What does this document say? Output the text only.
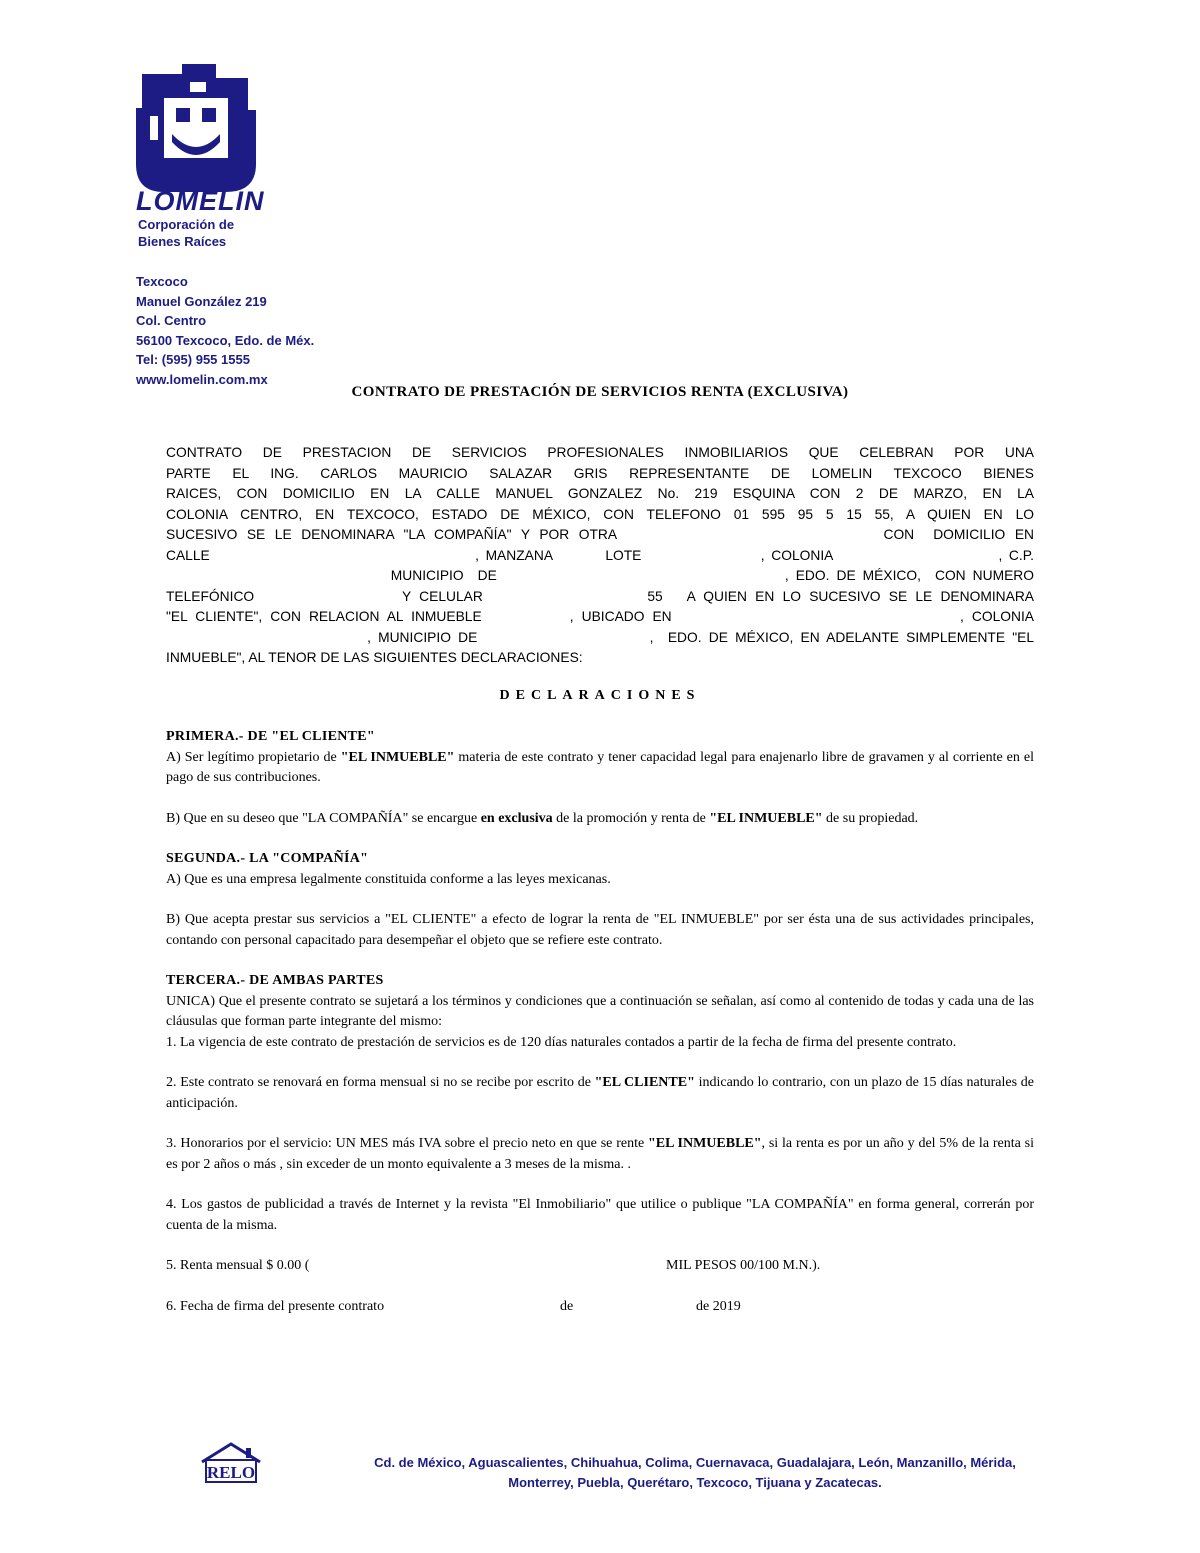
LOMELIN
Corporación de
Bienes Raíces
Texcoco
Manuel González 219
Col. Centro
56100 Texcoco, Edo. de Méx.
Tel: (595) 955 1555
www.lomelin.com.mx
CONTRATO DE PRESTACIÓN DE SERVICIOS RENTA (EXCLUSIVA)
CONTRATO DE PRESTACION DE SERVICIOS PROFESIONALES INMOBILIARIOS QUE CELEBRAN POR UNA
PARTE EL ING. CARLOS MAURICIO SALAZAR GRIS REPRESENTANTE DE LOMELIN TEXCOCO BIENES
RAICES, CON DOMICILIO EN LA CALLE MANUEL GONZALEZ No. 219 ESQUINA CON 2 DE MARZO, EN LA
COLONIA CENTRO, EN TEXCOCO, ESTADO DE MÉXICO, CON TELEFONO 01 595 95 5 15 55, A QUIEN EN LO
SUCESIVO SE LE DENOMINARA "LA COMPAÑÍA" Y POR OTRA                            CON  DOMICILIO EN
CALLE                                        , MANZANA        LOTE                  , COLONIA                         , C.P.
MUNICIPIO  DE                                         , EDO. DE MÉXICO,  CON NUMERO
TELEFÓNICO                  Y CELULAR                    55   A QUIEN EN LO SUCESIVO SE LE DENOMINARA
"EL CLIENTE", CON RELACION AL INMUEBLE           , UBICADO EN                                    , COLONIA
, MUNICIPIO DE                        ,  EDO. DE MÉXICO, EN ADELANTE SIMPLEMENTE "EL
INMUEBLE", AL TENOR DE LAS SIGUIENTES DECLARACIONES:
DECLARACIONES
PRIMERA.- DE "EL CLIENTE"

A) Ser legítimo propietario de "EL INMUEBLE" materia de este contrato y tener capacidad legal para enajenarlo libre de gravamen y al corriente en el pago de sus contribuciones.

B) Que en su deseo que "LA COMPAÑÍA" se encargue en exclusiva de la promoción y renta de "EL INMUEBLE" de su propiedad.

SEGUNDA.- LA "COMPAÑÍA"

A) Que es una empresa legalmente constituida conforme a las leyes mexicanas.

B) Que acepta prestar sus servicios a "EL CLIENTE" a efecto de lograr la renta de "EL INMUEBLE" por ser ésta una de sus actividades principales, contando con personal capacitado para desempeñar el objeto que se refiere este contrato.

TERCERA.- DE AMBAS PARTES

UNICA) Que el presente contrato se sujetará a los términos y condiciones que a continuación se señalan, así como al contenido de todas y cada una de las cláusulas que forman parte integrante del mismo:

1. La vigencia de este contrato de prestación de servicios es de 120 días naturales contados a partir de la fecha de firma del presente contrato.

2. Este contrato se renovará en forma mensual si no se recibe por escrito de "EL CLIENTE" indicando lo contrario, con un plazo de 15 días naturales de anticipación.

3. Honorarios por el servicio: UN MES más IVA sobre el precio neto en que se rente "EL INMUEBLE", si la renta es por un año y del 5% de la renta si es por 2 años o más , sin exceder de un monto equivalente a 3 meses de la misma. .

4. Los gastos de publicidad a través de Internet y la revista "El Inmobiliario" que utilice o publique "LA COMPAÑÍA" en forma general, correrán por cuenta de la misma.

5. Renta mensual $ 0.00 (	MIL PESOS 00/100 M.N.).
6. Fecha de firma del presente contrato	de	de 2019
RELO
Cd. de México, Aguascalientes, Chihuahua, Colima, Cuernavaca, Guadalajara, León, Manzanillo, Mérida,
Monterrey, Puebla, Querétaro, Texcoco, Tijuana y Zacatecas.
